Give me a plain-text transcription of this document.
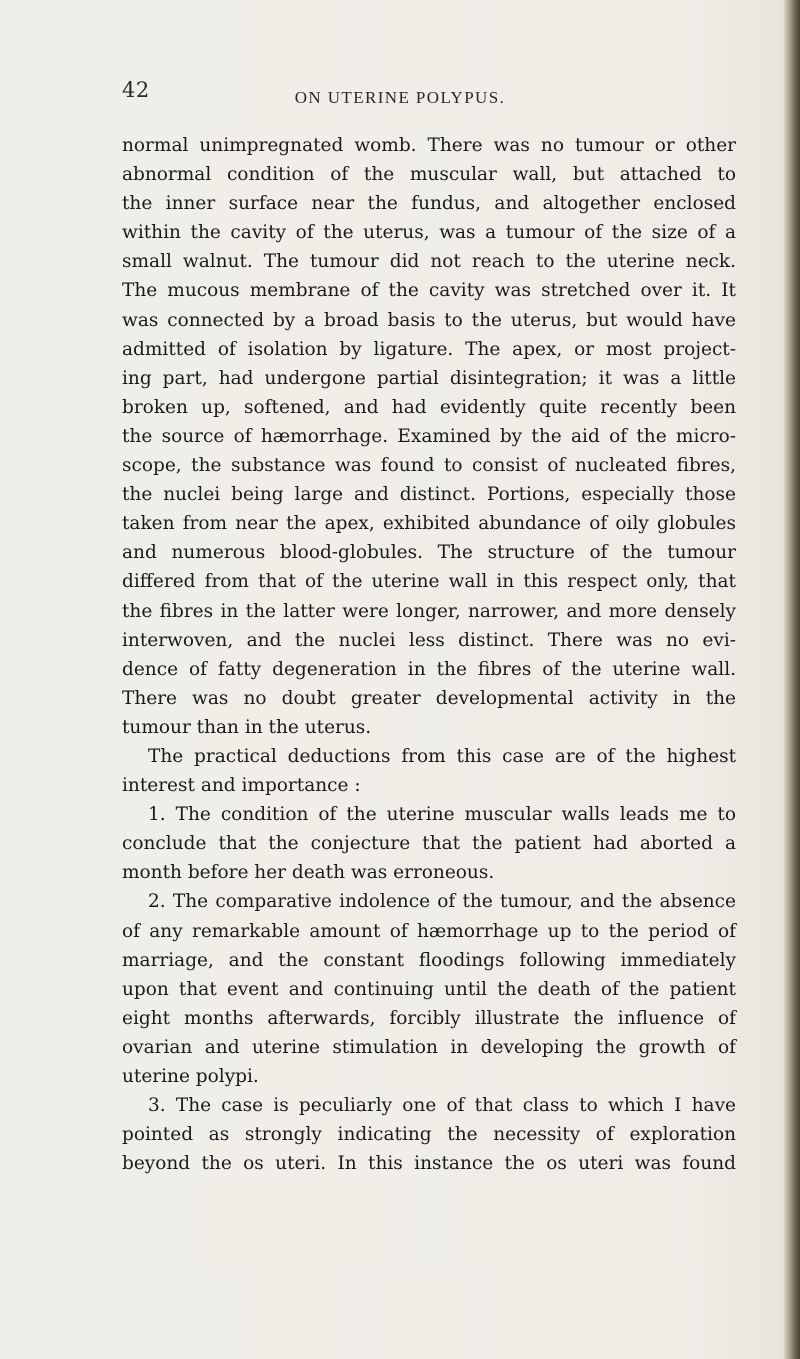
42	ON UTERINE POLYPUS.
normal unimpregnated womb. There was no tumour or other
abnormal condition of the muscular wall, but attached to
the inner surface near the fundus, and altogether enclosed
within the cavity of the uterus, was a tumour of the size of a
small walnut. The tumour did not reach to the uterine neck.
The mucous membrane of the cavity was stretched over it. It
was connected by a broad basis to the uterus, but would have
admitted of isolation by ligature. The apex, or most project-
ing part, had undergone partial disintegration; it was a little
broken up, softened, and had evidently quite recently been
the source of hæmorrhage. Examined by the aid of the micro-
scope, the substance was found to consist of nucleated fibres,
the nuclei being large and distinct. Portions, especially those
taken from near the apex, exhibited abundance of oily globules
and numerous blood-globules. The structure of the tumour
differed from that of the uterine wall in this respect only, that
the fibres in the latter were longer, narrower, and more densely
interwoven, and the nuclei less distinct. There was no evi-
dence of fatty degeneration in the fibres of the uterine wall.
There was no doubt greater developmental activity in the
tumour than in the uterus.
The practical deductions from this case are of the highest
interest and importance :
1. The condition of the uterine muscular walls leads me to
conclude that the conjecture that the patient had aborted a
month before her death was erroneous.
2. The comparative indolence of the tumour, and the absence
of any remarkable amount of hæmorrhage up to the period of
marriage, and the constant floodings following immediately
upon that event and continuing until the death of the patient
eight months afterwards, forcibly illustrate the influence of
ovarian and uterine stimulation in developing the growth of
uterine polypi.
3. The case is peculiarly one of that class to which I have
pointed as strongly indicating the necessity of exploration
beyond the os uteri. In this instance the os uteri was found
